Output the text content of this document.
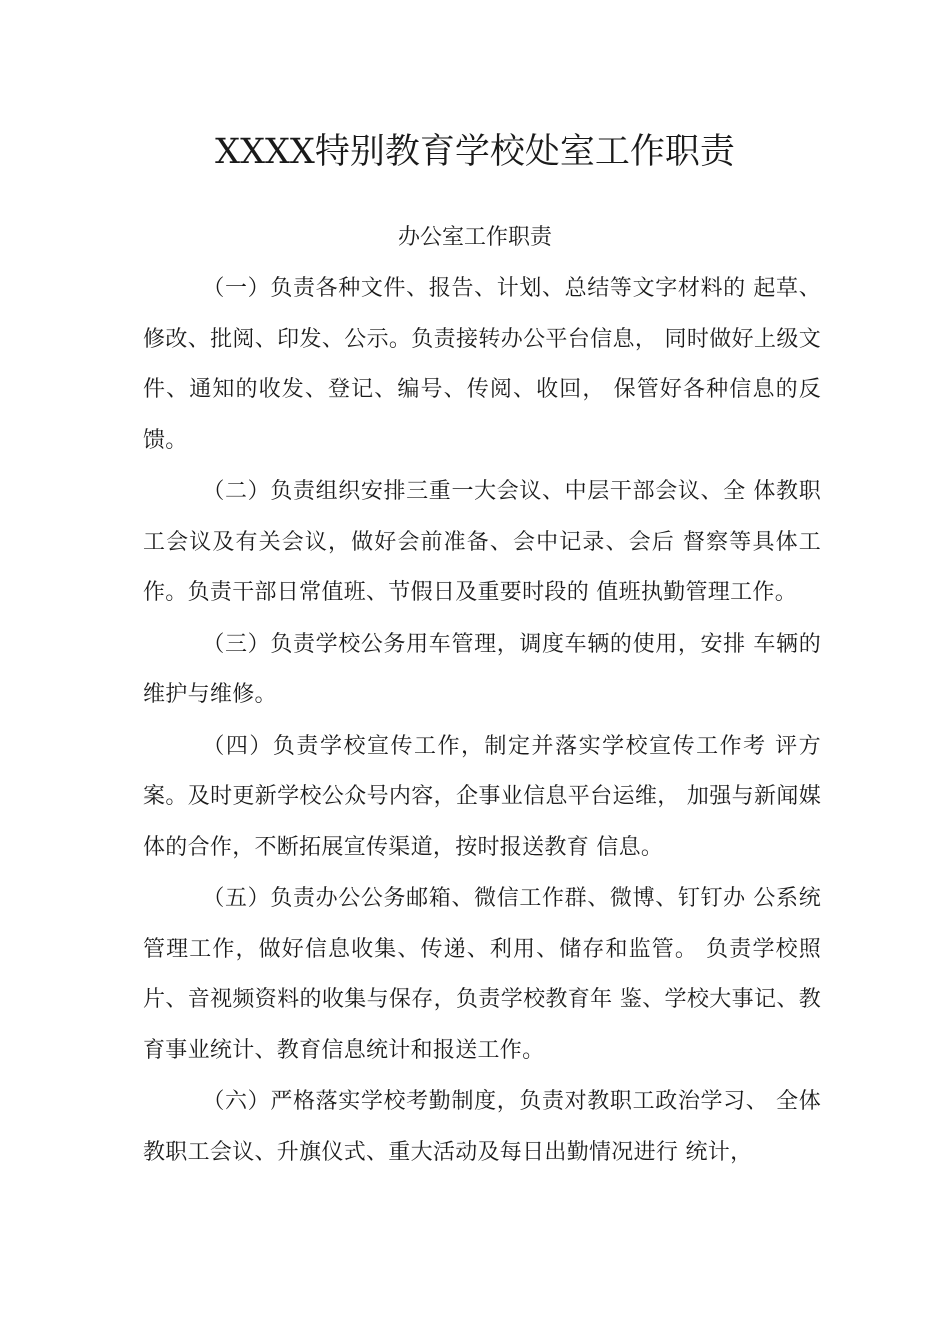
XXXX特别教育学校处室工作职责
办公室工作职责

（一）负责各种文件、报告、计划、总结等文字材料的 起草、修改、批阅、印发、公示。负责接转办公平台信息， 同时做好上级文件、通知的收发、登记、编号、传阅、收回， 保管好各种信息的反馈。

（二）负责组织安排三重一大会议、中层干部会议、全 体教职工会议及有关会议，做好会前准备、会中记录、会后 督察等具体工作。负责干部日常值班、节假日及重要时段的 值班执勤管理工作。

（三）负责学校公务用车管理，调度车辆的使用，安排 车辆的维护与维修。

（四）负责学校宣传工作，制定并落实学校宣传工作考 评方案。及时更新学校公众号内容，企事业信息平台运维， 加强与新闻媒体的合作，不断拓展宣传渠道，按时报送教育 信息。

（五）负责办公公务邮箱、微信工作群、微博、钉钉办 公系统管理工作，做好信息收集、传递、利用、储存和监管。 负责学校照片、音视频资料的收集与保存，负责学校教育年 鉴、学校大事记、教育事业统计、教育信息统计和报送工作。

（六）严格落实学校考勤制度，负责对教职工政治学习、 全体教职工会议、升旗仪式、重大活动及每日出勤情况进行 统计，
